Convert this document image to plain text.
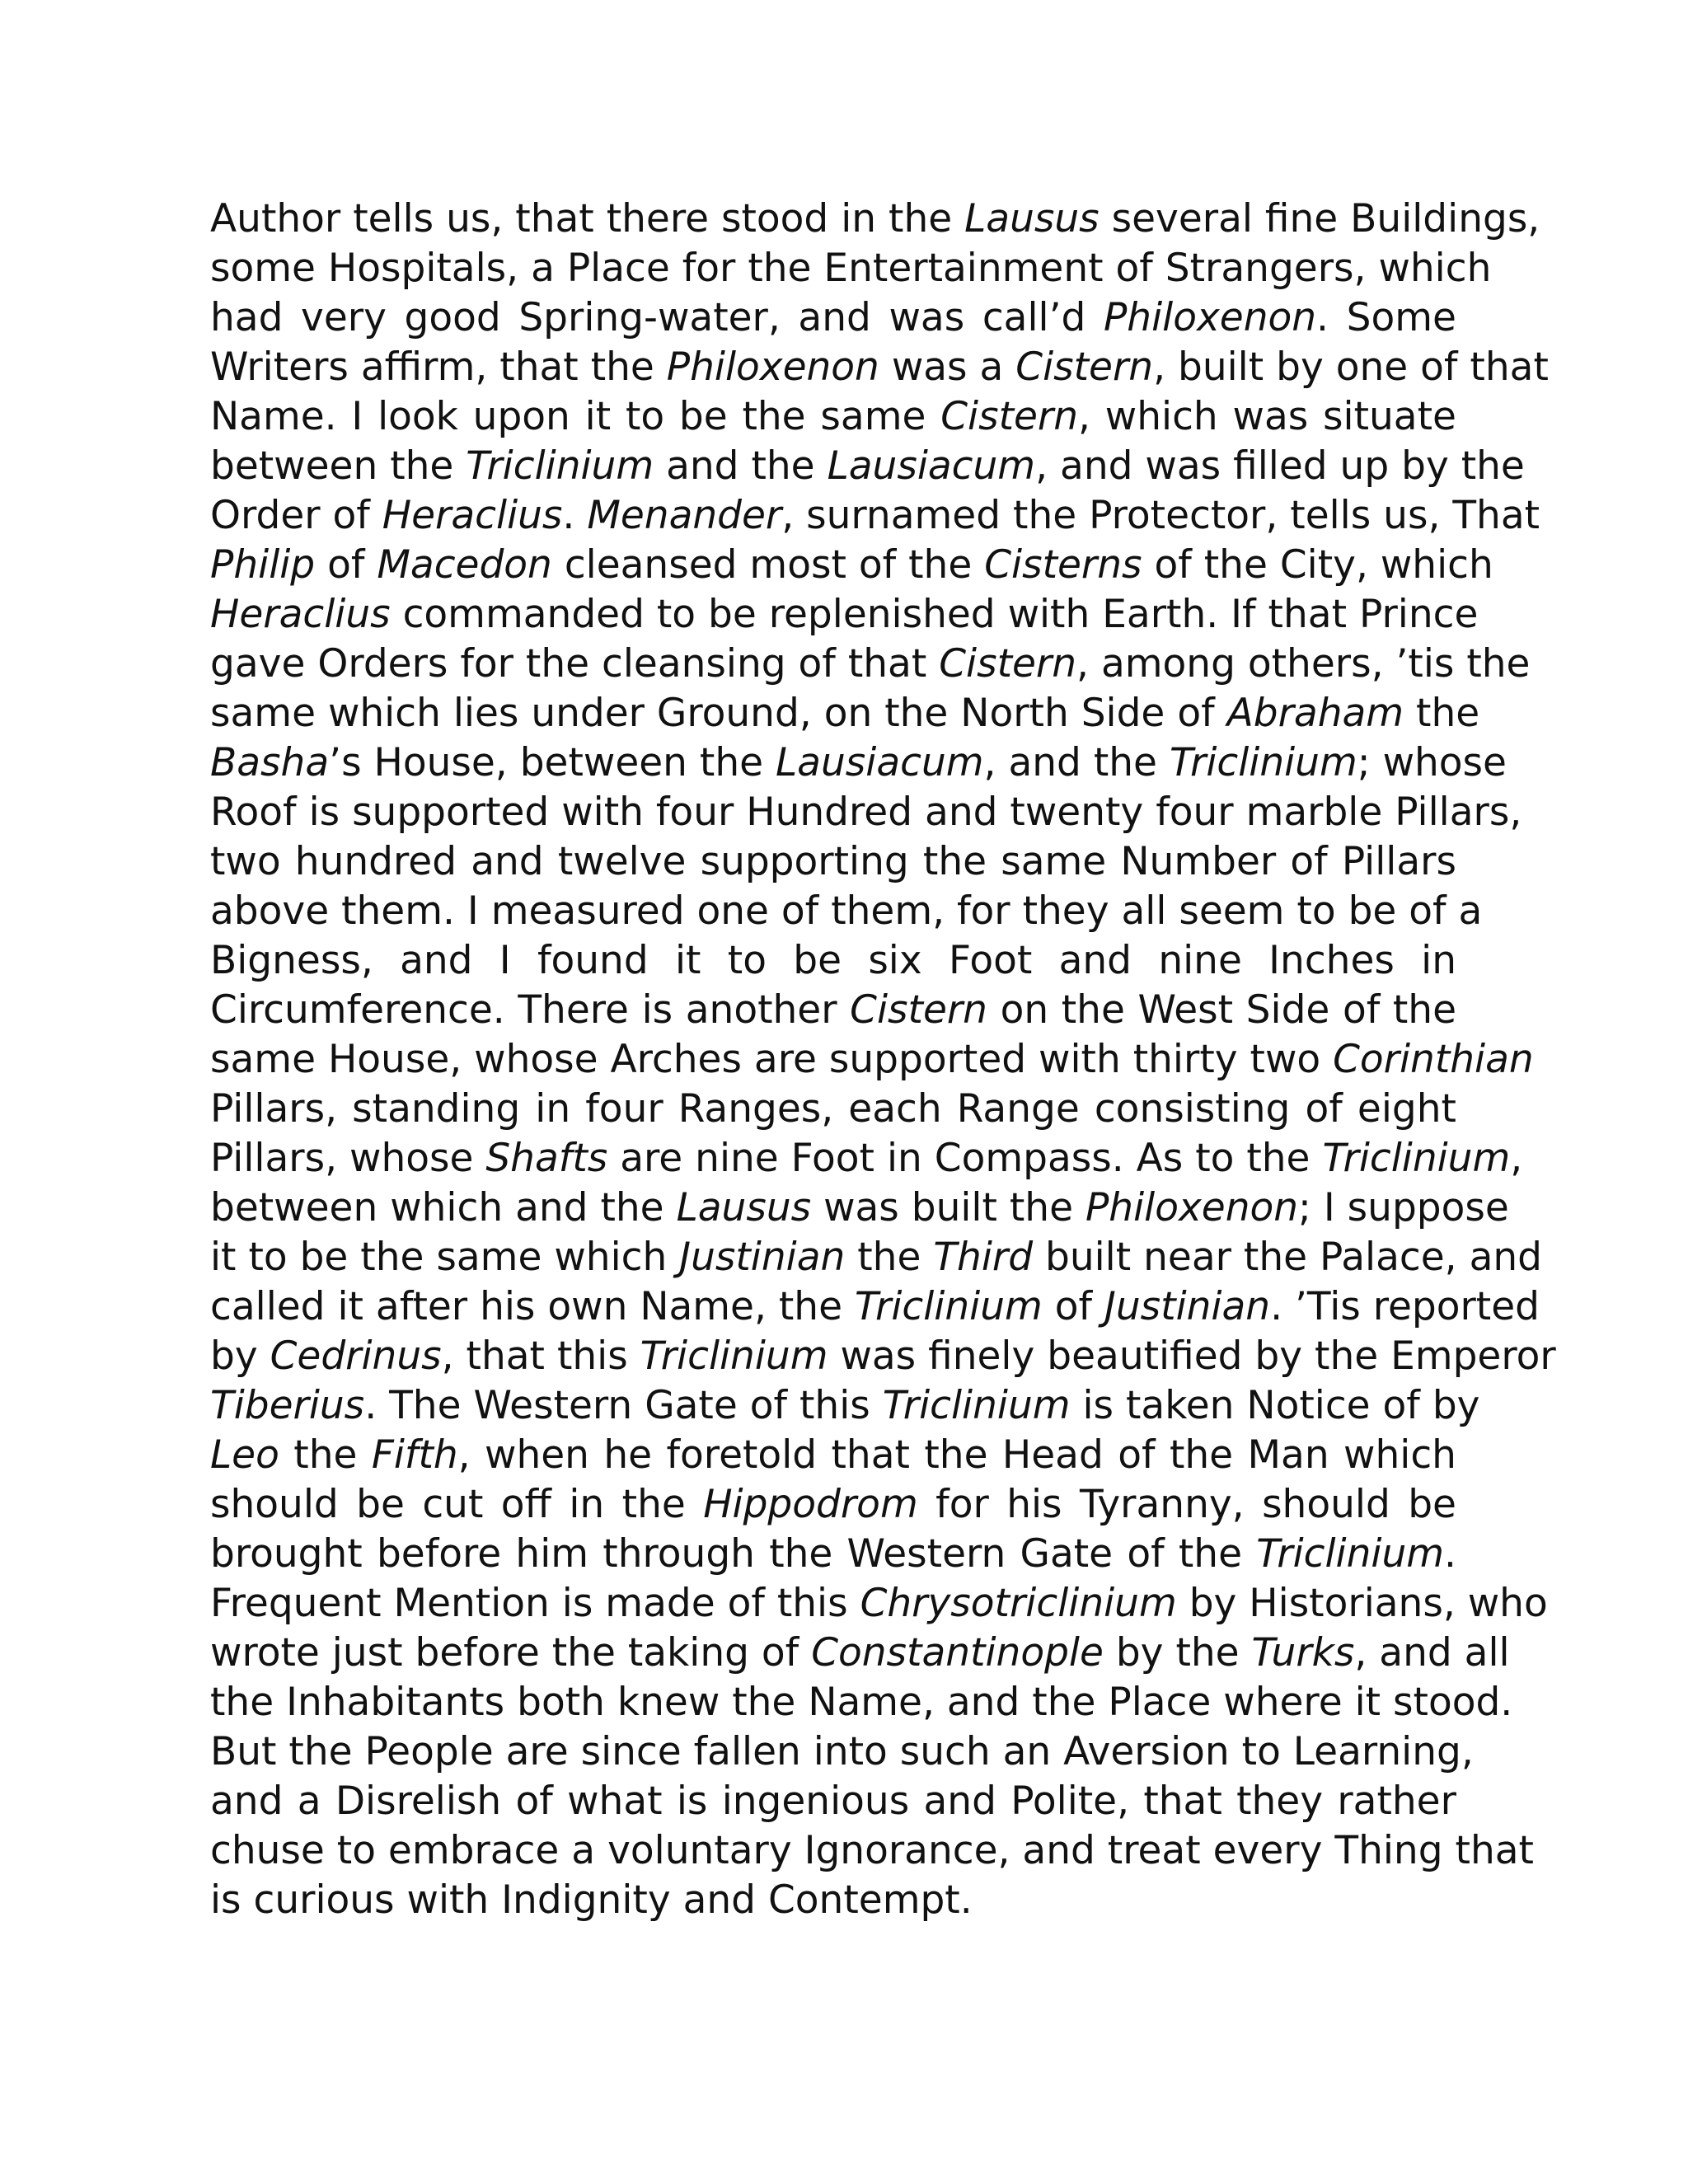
Author tells us, that there stood in the Lausus several fine Buildings,
some Hospitals, a Place for the Entertainment of Strangers, which
had very good Spring-water, and was call’d Philoxenon. Some
Writers affirm, that the Philoxenon was a Cistern, built by one of that
Name. I look upon it to be the same Cistern, which was situate
between the Triclinium and the Lausiacum, and was filled up by the
Order of Heraclius. Menander, surnamed the Protector, tells us, That
Philip of Macedon cleansed most of the Cisterns of the City, which
Heraclius commanded to be replenished with Earth. If that Prince
gave Orders for the cleansing of that Cistern, among others, ’tis the
same which lies under Ground, on the North Side of Abraham the
Basha’s House, between the Lausiacum, and the Triclinium; whose
Roof is supported with four Hundred and twenty four marble Pillars,
two hundred and twelve supporting the same Number of Pillars
above them. I measured one of them, for they all seem to be of a
Bigness, and I found it to be six Foot and nine Inches in
Circumference. There is another Cistern on the West Side of the
same House, whose Arches are supported with thirty two Corinthian
Pillars, standing in four Ranges, each Range consisting of eight
Pillars, whose Shafts are nine Foot in Compass. As to the Triclinium,
between which and the Lausus was built the Philoxenon; I suppose
it to be the same which Justinian the Third built near the Palace, and
called it after his own Name, the Triclinium of Justinian. ’Tis reported
by Cedrinus, that this Triclinium was finely beautified by the Emperor
Tiberius. The Western Gate of this Triclinium is taken Notice of by
Leo the Fifth, when he foretold that the Head of the Man which
should be cut off in the Hippodrom for his Tyranny, should be
brought before him through the Western Gate of the Triclinium.
Frequent Mention is made of this Chrysotriclinium by Historians, who
wrote just before the taking of Constantinople by the Turks, and all
the Inhabitants both knew the Name, and the Place where it stood.
But the People are since fallen into such an Aversion to Learning,
and a Disrelish of what is ingenious and Polite, that they rather
chuse to embrace a voluntary Ignorance, and treat every Thing that
is curious with Indignity and Contempt.
